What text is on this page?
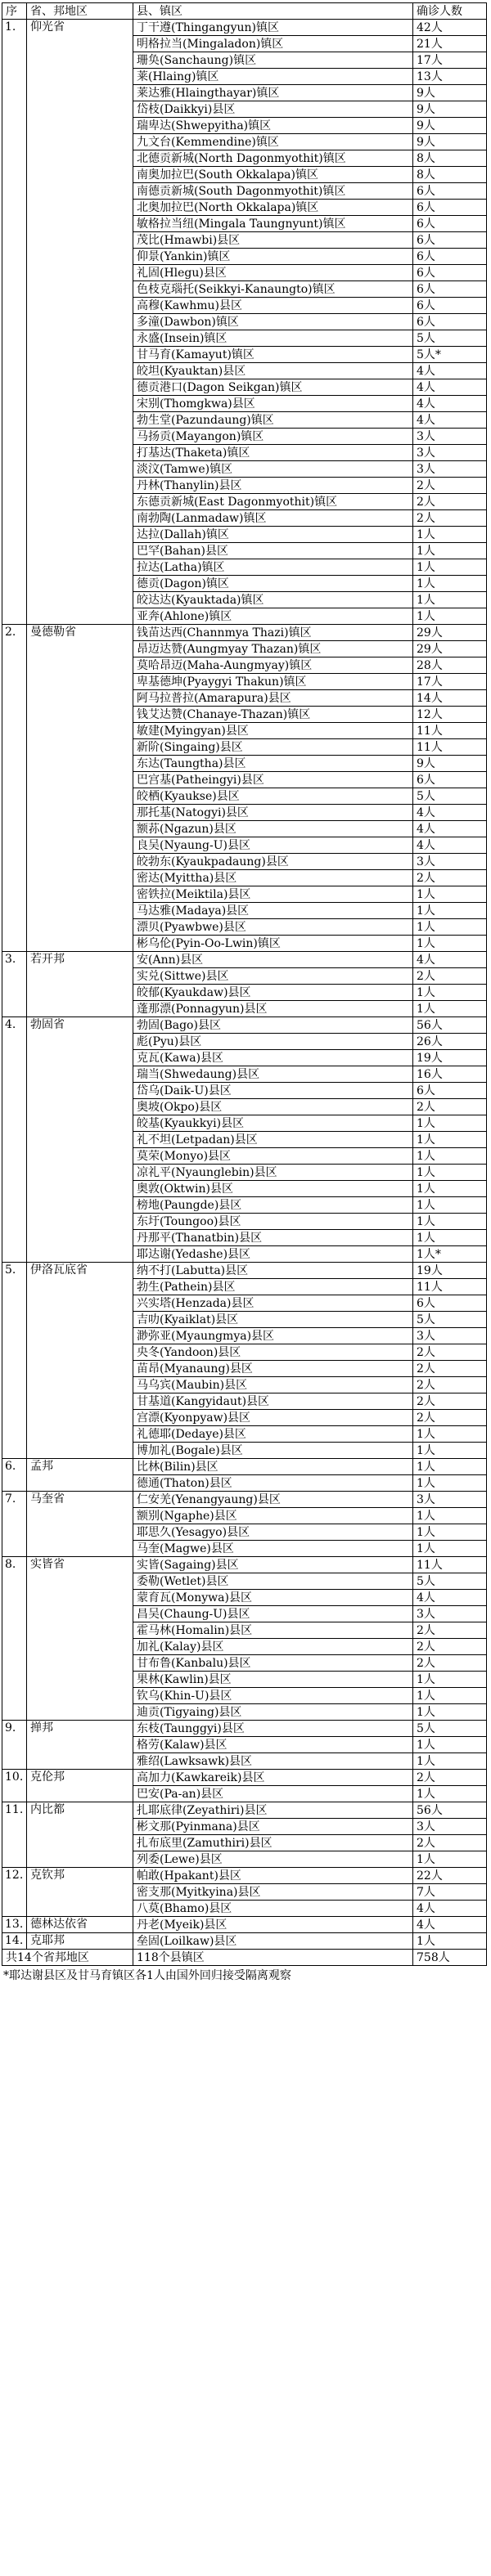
序	省、邦地区	县、镇区	确诊人数
1.	仰光省	丁干遵(Thingangyun)镇区	42人
		明格拉当(Mingaladon)镇区	21人
		珊奂(Sanchaung)镇区	17人
		莱(Hlaing)镇区	13人
		莱达雅(Hlaingthayar)镇区	9人
		岱枝(Daikkyi)县区	9人
		瑞卑达(Shwepyitha)镇区	9人
		九文台(Kemmendine)镇区	9人
		北德贡新城(North Dagonmyothit)镇区	8人
		南奥加拉巴(South Okkalapa)镇区	8人
		南德贡新城(South Dagonmyothit)镇区	6人
		北奥加拉巴(North Okkalapa)镇区	6人
		敏格拉当纽(Mingala Taungnyunt)镇区	6人
		茂比(Hmawbi)县区	6人
		仰景(Yankin)镇区	6人
		礼固(Hlegu)县区	6人
		色枝克瑙托(Seikkyi-Kanaungto)镇区	6人
		高穆(Kawhmu)县区	6人
		多潼(Dawbon)镇区	6人
		永盛(Insein)镇区	5人
		甘马育(Kamayut)镇区	5人*
		皎坦(Kyauktan)县区	4人
		德贡港口(Dagon Seikgan)镇区	4人
		宋别(Thomgkwa)县区	4人
		勃生堂(Pazundaung)镇区	4人
		马扬贡(Mayangon)镇区	3人
		打基达(Thaketa)镇区	3人
		淡汶(Tamwe)镇区	3人
		丹林(Thanylin)县区	2人
		东德贡新城(East Dagonmyothit)镇区	2人
		南勃陶(Lanmadaw)镇区	2人
		达拉(Dallah)镇区	1人
		巴罕(Bahan)县区	1人
		拉达(Latha)镇区	1人
		德贡(Dagon)镇区	1人
		皎达达(Kyauktada)镇区	1人
		亚奔(Ahlone)镇区	1人
2.	曼德勒省	钱苗达西(Channmya Thazi)镇区	29人
		昂迈达赞(Aungmyay Thazan)镇区	29人
		莫哈昂迈(Maha-Aungmyay)镇区	28人
		卑基德坤(Pyaygyi Thakun)镇区	17人
		阿马拉普拉(Amarapura)县区	14人
		钱艾达赞(Chanaye-Thazan)镇区	12人
		敏建(Myingyan)县区	11人
		新阶(Singaing)县区	11人
		东达(Taungtha)县区	9人
		巴宫基(Patheingyi)县区	6人
		皎栖(Kyaukse)县区	5人
		那托基(Natogyi)县区	4人
		额荪(Ngazun)县区	4人
		良吴(Nyaung-U)县区	4人
		皎勃东(Kyaukpadaung)县区	3人
		密达(Myittha)县区	2人
		密铁拉(Meiktila)县区	1人
		马达雅(Madaya)县区	1人
		漂贝(Pyawbwe)县区	1人
		彬乌伦(Pyin-Oo-Lwin)镇区	1人
3.	若开邦	安(Ann)县区	4人
		实兑(Sittwe)县区	2人
		皎郁(Kyaukdaw)县区	1人
		蓬那漂(Ponnagyun)县区	1人
4.	勃固省	勃固(Bago)县区	56人
		彪(Pyu)县区	26人
		克瓦(Kawa)县区	19人
		瑞当(Shwedaung)县区	16人
		岱乌(Daik-U)县区	6人
		奥坡(Okpo)县区	2人
		皎基(Kyaukkyi)县区	1人
		礼不坦(Letpadan)县区	1人
		莫荣(Monyo)县区	1人
		凉礼平(Nyaunglebin)县区	1人
		奥敦(Oktwin)县区	1人
		榜地(Paungde)县区	1人
		东圩(Toungoo)县区	1人
		丹那平(Thanatbin)县区	1人
		耶达谢(Yedashe)县区	1人*
5.	伊洛瓦底省	纳不打(Labutta)县区	19人
		勃生(Pathein)县区	11人
		兴实塔(Henzada)县区	6人
		吉叻(Kyaiklat)县区	5人
		渺弥亚(Myaungmya)县区	3人
		央冬(Yandoon)县区	2人
		苗昂(Myanaung)县区	2人
		马乌宾(Maubin)县区	2人
		甘基道(Kangyidaut)县区	2人
		宫漂(Kyonpyaw)县区	2人
		礼德耶(Dedaye)县区	1人
		博加礼(Bogale)县区	1人
6.	孟邦	比林(Bilin)县区	1人
		德通(Thaton)县区	1人
7.	马奎省	仁安羌(Yenangyaung)县区	3人
		额别(Ngaphe)县区	1人
		耶思久(Yesagyo)县区	1人
		马奎(Magwe)县区	1人
8.	实皆省	实皆(Sagaing)县区	11人
		委勒(Wetlet)县区	5人
		蒙育瓦(Monywa)县区	4人
		昌吴(Chaung-U)县区	3人
		霍马林(Homalin)县区	2人
		加礼(Kalay)县区	2人
		甘布鲁(Kanbalu)县区	2人
		果林(Kawlin)县区	1人
		钦乌(Khin-U)县区	1人
		迪贡(Tigyaing)县区	1人
9.	掸邦	东枝(Taunggyi)县区	5人
		格劳(Kalaw)县区	1人
		雅绍(Lawksawk)县区	1人
10.	克伦邦	高加力(Kawkareik)县区	2人
		巴安(Pa-an)县区	1人
11.	内比都	扎耶底律(Zeyathiri)县区	56人
		彬文那(Pyinmana)县区	3人
		扎布底里(Zamuthiri)县区	2人
		列委(Lewe)县区	1人
12.	克钦邦	帕敢(Hpakant)县区	22人
		密支那(Myitkyina)县区	7人
		八莫(Bhamo)县区	4人
13.	德林达依省	丹老(Myeik)县区	4人
14.	克耶邦	垒固(Loilkaw)县区	1人
共14个省邦地区		118个县镇区	758人
*耶达谢县区及甘马育镇区各1人由国外回归接受隔离观察
